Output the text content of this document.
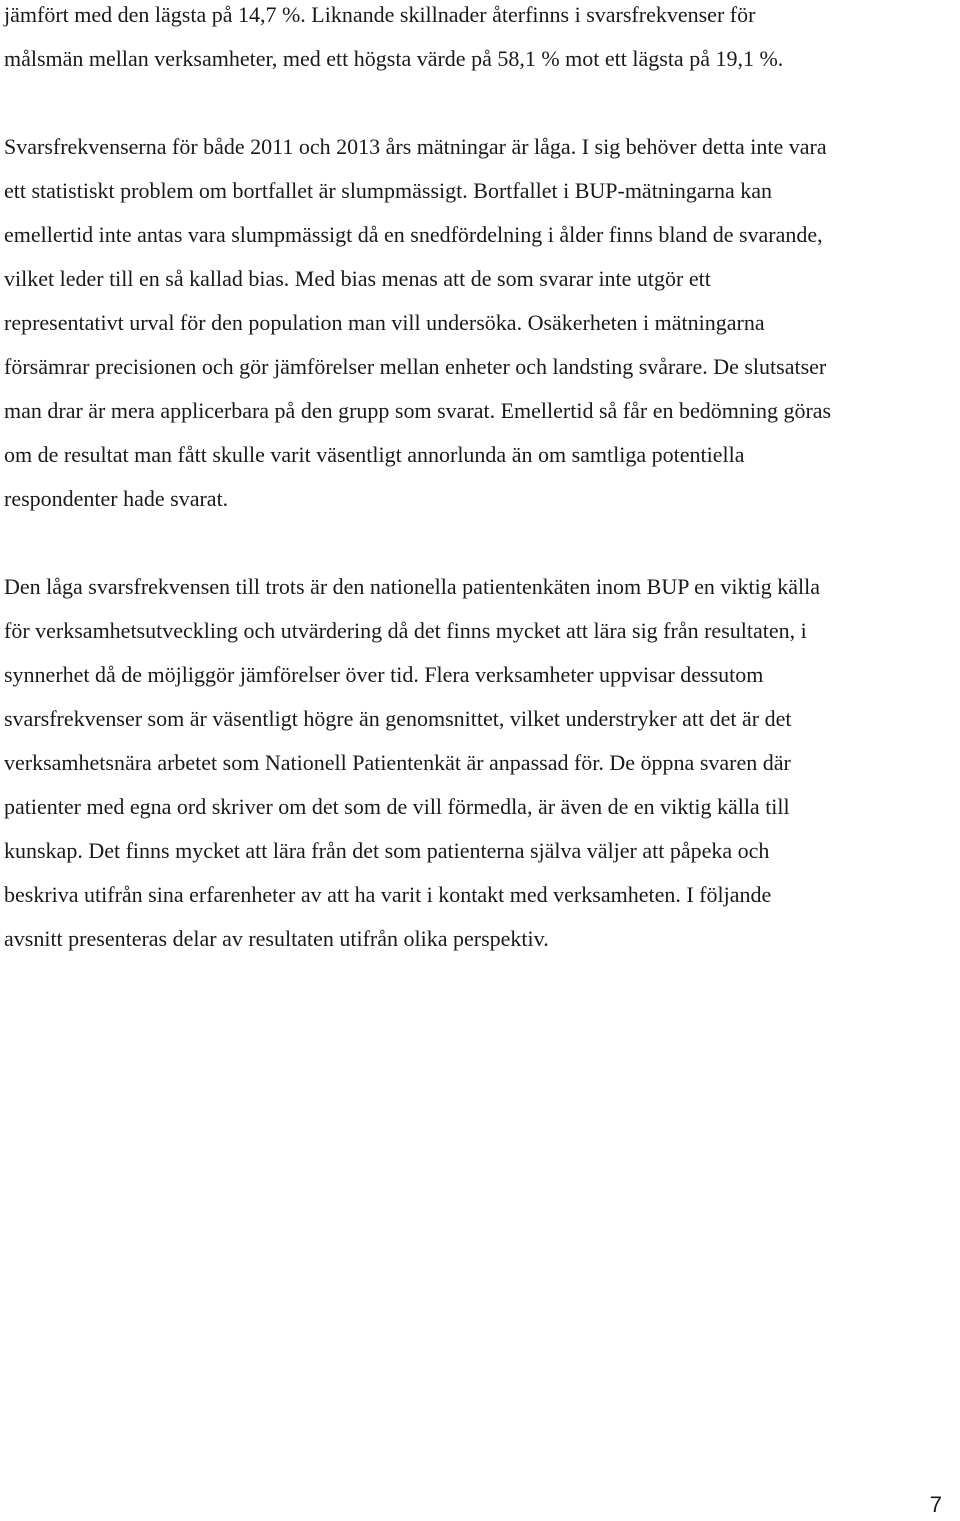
jämfört med den lägsta på 14,7 %. Liknande skillnader återfinns i svarsfrekvenser för

målsmän mellan verksamheter, med ett högsta värde på 58,1 % mot ett lägsta på 19,1 %.

Svarsfrekvenserna för både 2011 och 2013 års mätningar är låga. I sig behöver detta inte vara

ett statistiskt problem om bortfallet är slumpmässigt. Bortfallet i BUP-mätningarna kan

emellertid inte antas vara slumpmässigt då en snedfördelning i ålder finns bland de svarande,

vilket leder till en så kallad bias. Med bias menas att de som svarar inte utgör ett

representativt urval för den population man vill undersöka. Osäkerheten i mätningarna

försämrar precisionen och gör jämförelser mellan enheter och landsting svårare. De slutsatser

man drar är mera applicerbara på den grupp som svarat. Emellertid så får en bedömning göras

om de resultat man fått skulle varit väsentligt annorlunda än om samtliga potentiella

respondenter hade svarat.

Den låga svarsfrekvensen till trots är den nationella patientenkäten inom BUP en viktig källa

för verksamhetsutveckling och utvärdering då det finns mycket att lära sig från resultaten, i

synnerhet då de möjliggör jämförelser över tid. Flera verksamheter uppvisar dessutom

svarsfrekvenser som är väsentligt högre än genomsnittet, vilket understryker att det är det

verksamhetsnära arbetet som Nationell Patientenkät är anpassad för. De öppna svaren där

patienter med egna ord skriver om det som de vill förmedla, är även de en viktig källa till

kunskap. Det finns mycket att lära från det som patienterna själva väljer att påpeka och

beskriva utifrån sina erfarenheter av att ha varit i kontakt med verksamheten. I följande

avsnitt presenteras delar av resultaten utifrån olika perspektiv.

7
